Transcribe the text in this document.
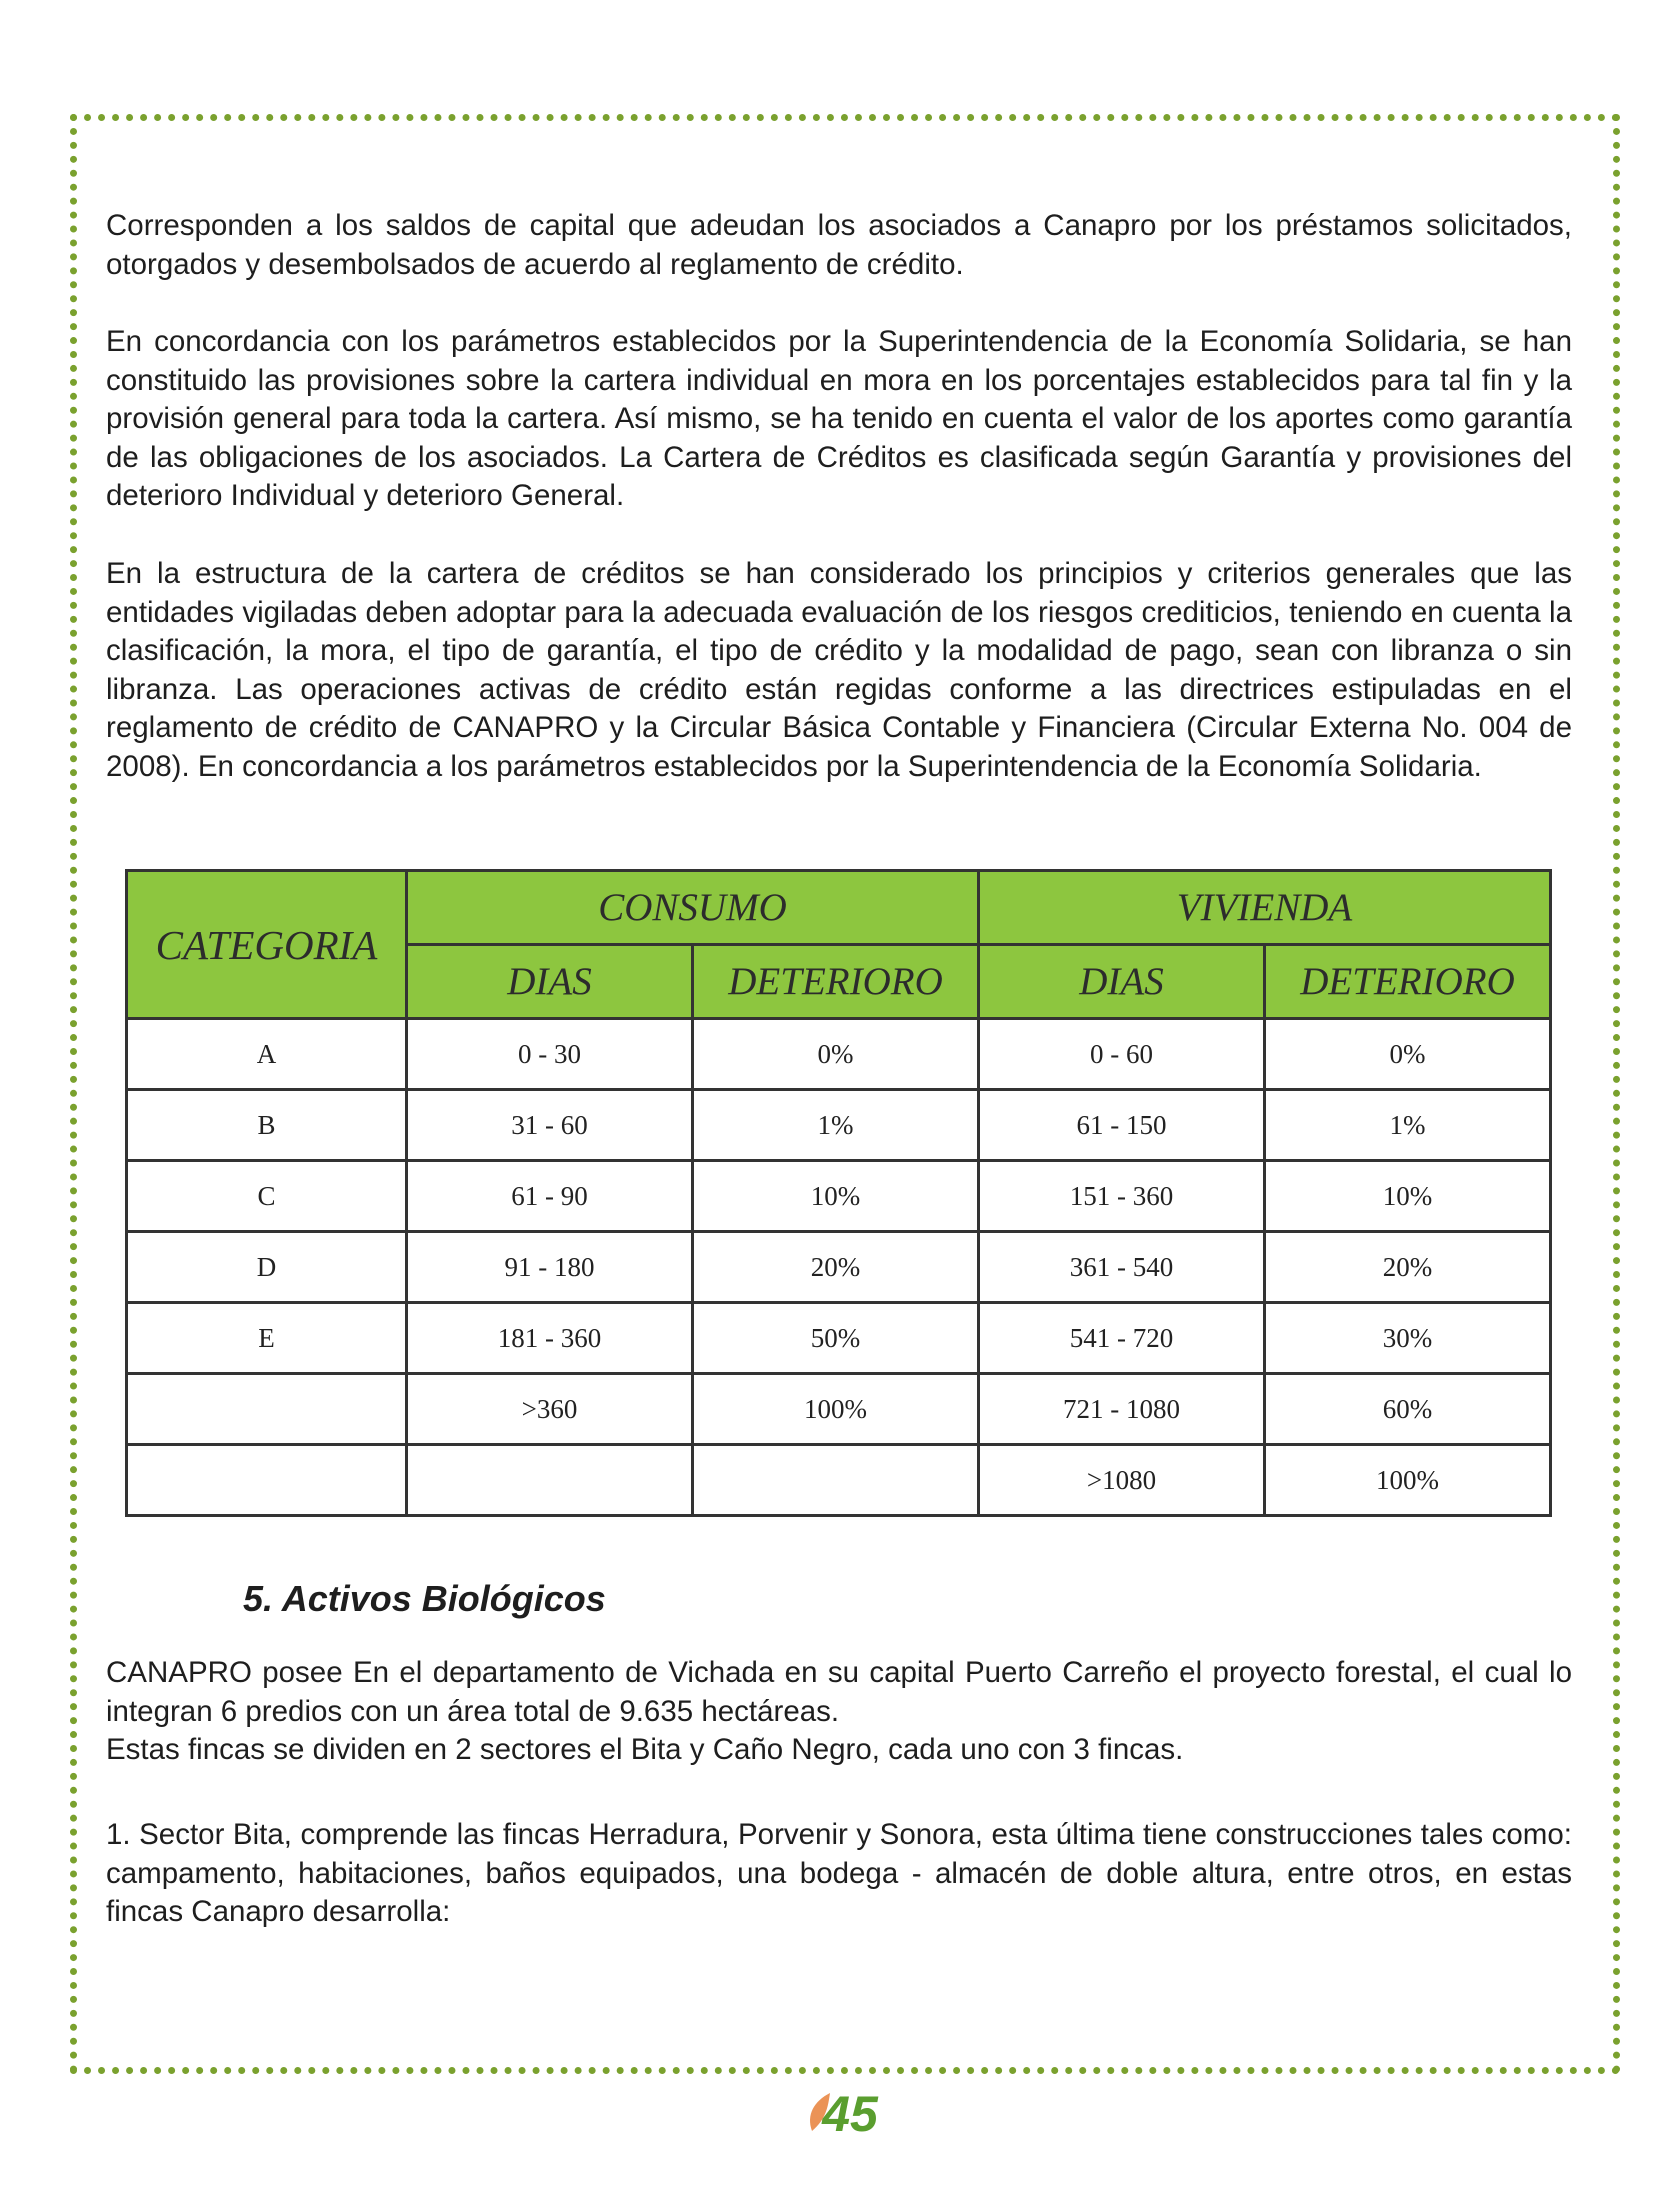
Corresponden a los saldos de capital que adeudan los asociados a Canapro por los préstamos solicitados, otorgados y desembolsados de acuerdo al reglamento de crédito.

En concordancia con los parámetros establecidos por la Superintendencia de la Economía Solidaria, se han constituido las provisiones sobre la cartera individual en mora en los porcentajes establecidos para tal fin y la provisión general para toda la cartera. Así mismo, se ha tenido en cuenta el valor de los aportes como garantía de las obligaciones de los asociados. La Cartera de Créditos es clasificada según Garantía y provisiones del deterioro Individual y deterioro General.

En la estructura de la cartera de créditos se han considerado los principios y criterios generales que las entidades vigiladas deben adoptar para la adecuada evaluación de los riesgos crediticios, teniendo en cuenta la clasificación, la mora, el tipo de garantía, el tipo de crédito y la modalidad de pago, sean con libranza o sin libranza. Las operaciones activas de crédito están regidas conforme a las directrices estipuladas en el reglamento de crédito de CANAPRO y la Circular Básica Contable y Financiera (Circular Externa No. 004 de 2008). En concordancia a los parámetros establecidos por la Superintendencia de la Economía Solidaria.

CATEGORIA	CONSUMO		VIVIENDA	
	DIAS	DETERIORO	DIAS	DETERIORO
A	0 - 30	0%	0 - 60	0%
B	31 - 60	1%	61 - 150	1%
C	61 - 90	10%	151 - 360	10%
D	91 - 180	20%	361 - 540	20%
E	181 - 360	50%	541 - 720	30%
	>360	100%	721 - 1080	60%
			>1080	100%
5. Activos Biológicos
CANAPRO posee En el departamento de Vichada en su capital Puerto Carreño el proyecto forestal, el cual lo integran 6 predios con un área total de 9.635 hectáreas.
Estas fincas se dividen en 2 sectores el Bita y Caño Negro, cada uno con 3 fincas.

1. Sector Bita, comprende las fincas Herradura, Porvenir y Sonora, esta última tiene construcciones tales como: campamento, habitaciones, baños equipados, una bodega - almacén de doble altura, entre otros, en estas fincas Canapro desarrolla:

45
